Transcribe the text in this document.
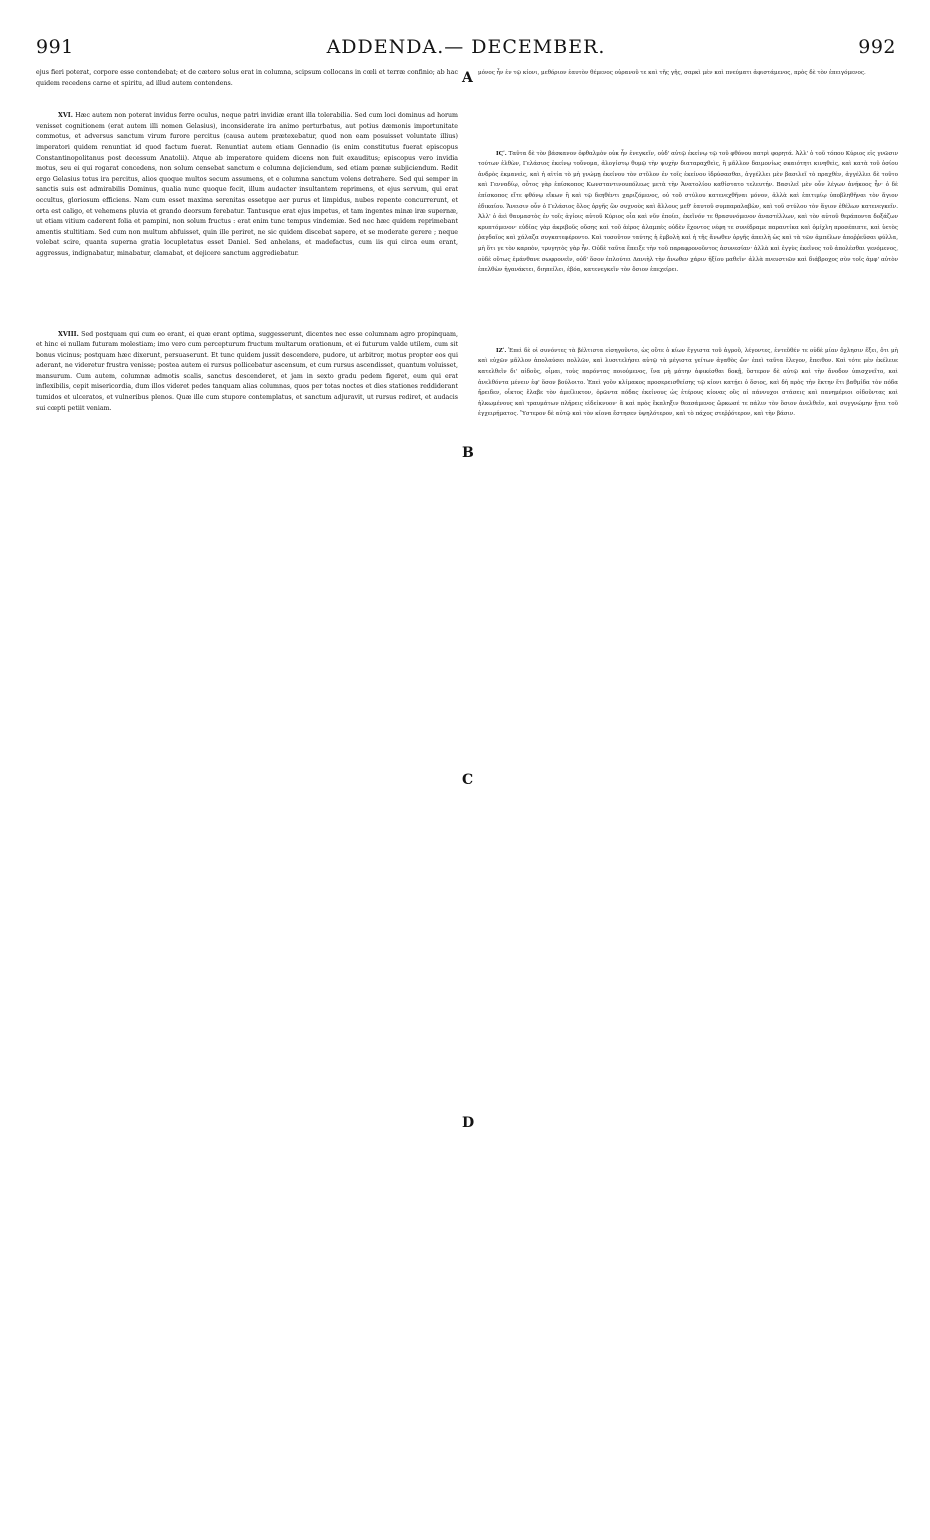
991	ADDENDA.— DECEMBER.	992

ejus fieri poterat, corpore esse contendebat; et de cætero solus erat in columna, scipsum collocans in cœli et terræ confinio; ab hac quidem recedens carne et spiritu, ad illud autem contendens.

XVI. Hæc autem non poterat invidus ferre oculus, neque patri invidiæ erant illa tolerabilia. Sed cum loci dominus ad horum venisset cognitionem (erat autem illi nomen Gelasius), inconsiderate ira animo perturbatus, aut potius dæmonis importunitate commotus, et adversus sanctum virum furore percitus (causa autem prætexebatur, quod non eam posuisset voluntate illius) imperatori quidem renuntiat id quod factum fuerat. Renuntiat autem etiam Gennadio (is enim constitutus fuerat episcopus Constantinopolitanus post decessum Anatolii). Atque ab imperatore quidem dicens non fuit exauditus; episcopus vero invidia motus, seu ei qui rogarat concedens, non solum censebat sanctum e columna dejiciendum, sed etiam pœnæ subjiciendum. Redit ergo Gelasius totus ira percitus, alios quoque multos secum assumens, et e columna sanctum volens detrahere. Sed qui semper in sanctis suis est admirabilis Dominus, qualia nunc quoque fecit, illum audacter insultantem reprimens, et ejus servum, qui erat occultus, gloriosum efficiens. Nam cum esset maxima serenitas essetque aer purus et limpidus, nubes repente concurrerunt, et orta est caligo, et vehemens pluvia et grando deorsum ferebatur. Tantusque erat ejus impetus, et tam ingentes minæ iræ supernæ, ut etiam vitium caderent folia et pampini, non solum fructus : erat enim tunc tempus vindemiæ. Sed nec hæc quidem reprimebant amentis stultitiam. Sed cum non multum abfuisset, quin ille periret, ne sic quidem discebat sapere, et se moderate gerere ; neque volebat scire, quanta superna gratia locupletatus esset Daniel. Sed anhelans, et madefactus, cum iis qui circa eum erant, aggressus, indignabatur, minabatur, clamabat, et dejicere sanctum aggrediebatur.

XVIII. Sed postquam qui cum eo erant, ei quæ erant optima, suggesserunt, dicentes nec esse columnam agro propinquam, et hinc ei nullam futuram molestiam; imo vero cum percepturum fructum multarum orationum, et ei futurum valde utilem, cum sit bonus vicinus; postquam hæc dixerunt, persuaserunt. Et tunc quidem jussit descendere, pudore, ut arbitror, motus propter eos qui aderant, ne videretur frustra venisse; postea autem ei rursus pollicebatur ascensum, et cum rursus ascendisset, quantum voluisset, mansurum. Cum autem, columnæ admotis scalis, sanctus descenderet, et jam in sexto gradu pedem figeret, eum qui erat inflexibilis, cepit misericordia, dum illos videret pedes tanquam alias columnas, quos per totas noctes et dies stationes reddiderant tumidos et ulceratos, et vulneribus plenos. Quæ ille cum stupore contemplatus, et sanctum adjuravit, ut rursus rediret, et audacis sui cœpti petiit veniam.

μόνος ἦν ἐν τῷ κίονι, μεθόριον ἑαυτὸν θέμενος οὐρανοῦ τε καὶ τῆς γῆς, σαρκὶ μὲν καὶ πνεύματι ἀφιστάμενος, πρὸς δὲ τὸν ἐπειγόμενος.

ΙϚʹ. Ταῦτα δὲ τὸν βάσκανον ὀφθαλμὸν οὐκ ἦν ἐνεγκεῖν, οὐδ' αὐτῷ ἐκείνῳ τῷ τοῦ φθόνου πατρὶ φορητά. Ἀλλ' ὁ τοῦ τόπου Κύριος εἰς γνῶσιν τούτων ἐλθὼν, Γελάσιος ἐκείνῳ τοὔνομα, ἀλογίστῳ θυμῷ τὴν ψυχὴν διαταραχθεὶς, ἢ μᾶλλον δαιμονίως σκαιότητι κινηθεὶς, καὶ κατὰ τοῦ ὁσίου ἀνδρὸς ἐκμανεὶς, καὶ ἡ αἰτία τὸ μὴ γνώμῃ ἐκείνου τὸν στῦλον ἐν τοῖς ἐκείνου ἱδρύσασθαι, ἀγγέλλει μὲν βασιλεῖ τὸ πραχθὲν, ἀγγέλλει δὲ τοῦτο καὶ Γενναδίῳ, οὗτος γὰρ ἐπίσκοπος Κωνσταντινουπόλεως μετὰ τὴν Ἀνατολίου καθίστατο τελευτήν. Βασιλεῖ μὲν οὖν λέγων ἀνήκοος ἦν· ὁ δὲ ἐπίσκοπος εἴτε φθόνῳ εἴκων ἢ καὶ τῷ δεηθέντι χαριζόμενος, οὐ τοῦ στύλου κατενεχθῆναι μόνον, ἀλλὰ καὶ ἐπιτιμίῳ ὑποβληθῆναι τὸν ἅγιον ἐδικαίου. Ἄνεισιν οὖν ὁ Γελάσιος ὅλος ὀργῆς ὢν συχνοὺς καὶ ἄλλους μεθ' ἑαυτοῦ συμπαραλαβὼν, καὶ τοῦ στύλου τὸν ἅγιον ἐθέλων κατενεγκεῖν. Ἀλλ' ὁ ἀεὶ θαυμαστὸς ἐν τοῖς ἁγίοις αὐτοῦ Κύριος οἷα καὶ νῦν ἐποίει, ἐκεῖνόν τε θρασυνόμενον ἀναστέλλων, καὶ τὸν αὐτοῦ θεράποντα δοξάζων κρυπτόμενον· εὐδίας γὰρ ἀκριβοῦς οὔσης καὶ τοῦ ἀέρος ἀλαμπὲς οὐδὲν ἔχοντος νέφη τε συνέδραμε παραυτίκα καὶ ὁμίχλη προσέπιπτε, καὶ ὑετὸς ῥαγδαῖος καὶ χάλαζα συγκατεφέροντο. Καὶ τοσοῦτον ταύτης ἡ ἐμβολὴ καὶ ἡ τῆς ἄνωθεν ὀργῆς ἀπειλὴ ὡς καὶ τὰ τῶν ἀμπέλων ἀποῤῥεῦσαι φύλλα, μὴ ὅτι γε τὸν καρπὸν, τρυγητὸς γὰρ ἦν. Οὐδὲ ταῦτα ἔπειξε τὴν τοῦ παραφρονοῦντος ἀσυνεσίαν· ἀλλὰ καὶ ἐγγὺς ἐκεῖνος τοῦ ἀπολέσθαι γενόμενος, οὐδὲ οὕτως ἐμάνθανε σωφρονεῖν, οὐδ' ὅσον ἐπλούτει Δανιὴλ τὴν ἄνωθεν χάριν ἠξίου μαθεῖν· ἀλλὰ πνευστιῶν καὶ διάβροχος σὺν τοῖς ἀμφ' αὐτὸν ἐπελθὼν ἠγανάκτει, διηπείλει, ἐβόα, κατενεγκεῖν τὸν ὅσιον ἐπεχείρει.

ΙΖʹ. Ἐπεὶ δὲ οἱ συνόντες τὰ βέλτιστα εἰσηγοῦντο, ὡς οὔτε ὁ κίων ἔγγιστα τοῦ ἀγροῦ, λέγοντες, ἐντεῦθέν τε οὐδὲ μίαν ὄχλησιν ἕξει, ὅτι μὴ καὶ εὐχῶν μᾶλλον ἀπολαύσει πολλῶν, καὶ λυσιτελήσει αὐτῷ τὰ μέγιστα γείτων ἀγαθὸς ὤν· ἐπεὶ ταῦτα ἔλεγον, ἔπειθον. Καὶ τότε μὲν ἐκέλευε κατελθεῖν δι' αἰδοῦς, οἶμαι, τοὺς παρόντας ποιούμενος, ἵνα μὴ μάτην ἀφικέσθαι δοκῇ, ὕστερον δὲ αὐτῷ καὶ τὴν ἄνοδον ὑπισχνεῖτο, καὶ ἀνελθόντα μένειν ἐφ' ὅσον βούλοιτο. Ἐπεὶ γοῦν κλίμακος προσερεισθείσης τῷ κίονι κατῄει ὁ ὅσιος, καὶ δὴ πρὸς τὴν ἕκτην ἔτι βαθμίδα τὸν πόδα ἤρειδεν, οἶκτος ἔλαβε τὸν ἀμείλικτον, ὁρῶντα πόδας ἐκείνους ὡς ἑτέρους κίονας οὓς αἱ πάννυχοι στάσεις καὶ πανημέριοι οἰδοῦντας καὶ ἡλκωμένους καὶ τραυμάτων πλήρεις εἰδείκνυον· ἃ καὶ πρὸς ἔκπληξιν θεασάμενος ὥρκωσέ τε πάλιν τὸν ὅσιον ἀνελθεῖν, καὶ συγγνώμην ᾔτει τοῦ ἐγχειρήματος. Ὕστερον δὲ αὐτῷ καὶ τὸν κίονα ἔστησεν ὑψηλότερον, καὶ τὸ πάχος στεῤῥότερον, καὶ τὴν βάσιν.

A
B
C
D
